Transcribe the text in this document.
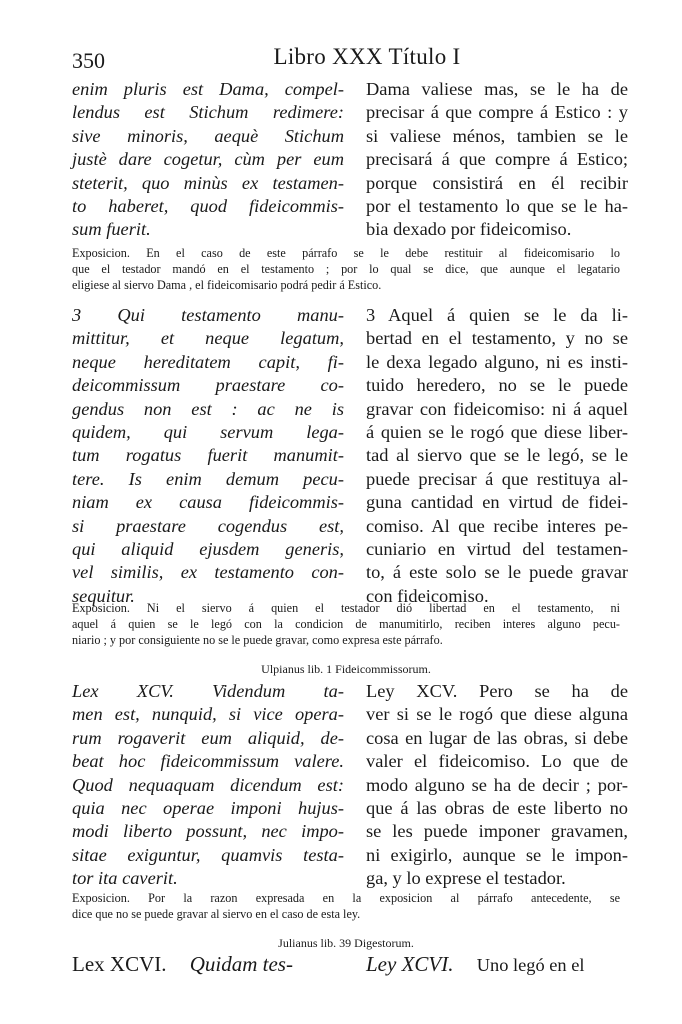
350	Libro XXX Título I
enim pluris est Dama, compel-
lendus est Stichum redimere:
sive minoris, aequè Stichum
justè dare cogetur, cùm per eum
steterit, quo minùs ex testamen-
to haberet, quod fideicommis-
sum fuerit.
Dama valiese mas, se le ha de
precisar á que compre á Estico : y
si valiese ménos, tambien se le
precisará á que compre á Estico;
porque consistirá en él recibir
por el testamento lo que se le ha-
bia dexado por fideicomiso.
Exposicion. En el caso de este párrafo se le debe restituir al fideicomisario lo
que el testador mandó en el testamento ; por lo qual se dice, que aunque el legatario
eligiese al siervo Dama , el fideicomisario podrá pedir á Estico.
3 Qui testamento manu-
mittitur, et neque legatum,
neque hereditatem capit, fi-
deicommissum praestare co-
gendus non est : ac ne is
quidem, qui servum lega-
tum rogatus fuerit manumit-
tere. Is enim demum pecu-
niam ex causa fideicommis-
si praestare cogendus est,
qui aliquid ejusdem generis,
vel similis, ex testamento con-
sequitur.
3 Aquel á quien se le da li-
bertad en el testamento, y no se
le dexa legado alguno, ni es insti-
tuido heredero, no se le puede
gravar con fideicomiso: ni á aquel
á quien se le rogó que diese liber-
tad al siervo que se le legó, se le
puede precisar á que restituya al-
guna cantidad en virtud de fidei-
comiso. Al que recibe interes pe-
cuniario en virtud del testamen-
to, á este solo se le puede gravar
con fideicomiso.
Exposicion. Ni el siervo á quien el testador dió libertad en el testamento, ni
aquel á quien se le legó con la condicion de manumitirlo, reciben interes alguno pecu-
niario ; y por consiguiente no se le puede gravar, como expresa este párrafo.
Ulpianus lib. 1 Fideicommissorum.
Lex XCV. Videndum ta-
men est, nunquid, si vice opera-
rum rogaverit eum aliquid, de-
beat hoc fideicommissum valere.
Quod nequaquam dicendum est:
quia nec operae imponi hujus-
modi liberto possunt, nec impo-
sitae exiguntur, quamvis testa-
tor ita caverit.
Ley XCV. Pero se ha de
ver si se le rogó que diese alguna
cosa en lugar de las obras, si debe
valer el fideicomiso. Lo que de
modo alguno se ha de decir ; por-
que á las obras de este liberto no
se les puede imponer gravamen,
ni exigirlo, aunque se le impon-
ga, y lo exprese el testador.
Exposicion. Por la razon expresada en la exposicion al párrafo antecedente, se
dice que no se puede gravar al siervo en el caso de esta ley.
Julianus lib. 39 Digestorum.
Lex XCVI. Quidam tes-	Ley XCVI. Uno legó en el
